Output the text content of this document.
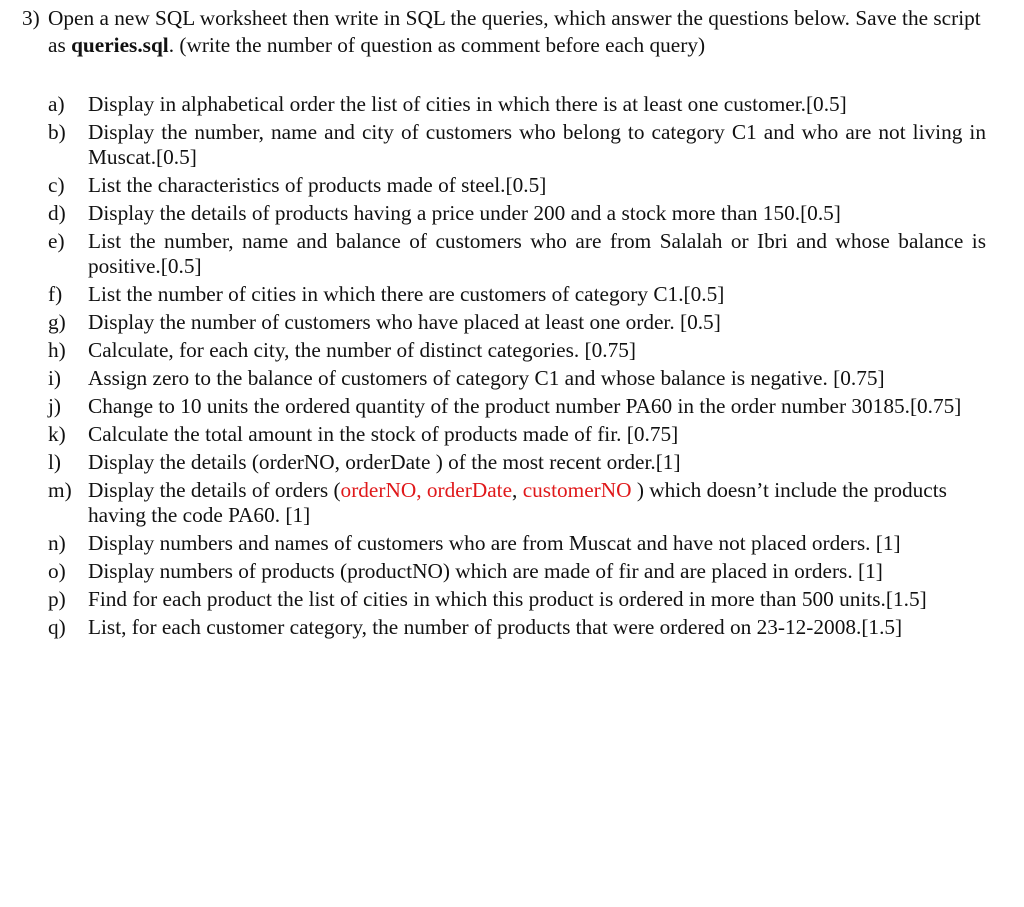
3) Open a new SQL worksheet then write in SQL the queries, which answer the questions below. Save the script as queries.sql. (write the number of question as comment before each query)
a) Display in alphabetical order the list of cities in which there is at least one customer.[0.5]
b) Display the number, name and city of customers who belong to category C1 and who are not living in Muscat.[0.5]
c) List the characteristics of products made of steel.[0.5]
d) Display the details of products having a price under 200 and a stock more than 150.[0.5]
e) List the number, name and balance of customers who are from Salalah or Ibri and whose balance is positive.[0.5]
f) List the number of cities in which there are customers of category C1.[0.5]
g) Display the number of customers who have placed at least one order. [0.5]
h) Calculate, for each city, the number of distinct categories. [0.75]
i) Assign zero to the balance of customers of category C1 and whose balance is negative. [0.75]
j) Change to 10 units the ordered quantity of the product number PA60 in the order number 30185.[0.75]
k) Calculate the total amount in the stock of products made of fir. [0.75]
l) Display the details (orderNO, orderDate ) of the most recent order.[1]
m) Display the details of orders (orderNO, orderDate, customerNO ) which doesn’t include the products having the code PA60. [1]
n) Display numbers and names of customers who are from Muscat and have not placed orders. [1]
o) Display numbers of products (productNO) which are made of fir and are placed in orders. [1]
p) Find for each product the list of cities in which this product is ordered in more than 500 units.[1.5]
q) List, for each customer category, the number of products that were ordered on 23-12-2008.[1.5]
